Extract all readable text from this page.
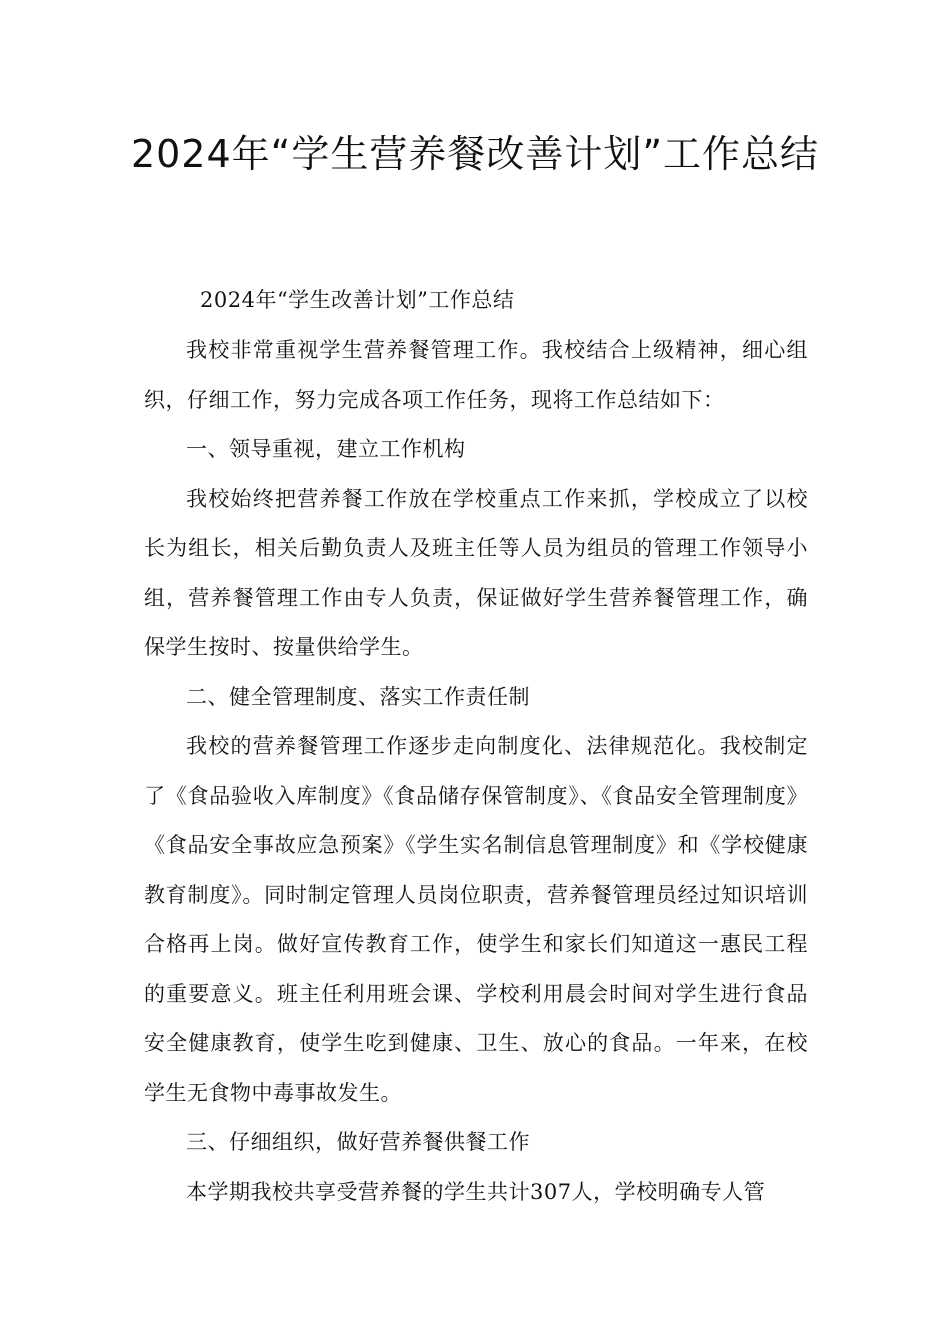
2024年“学生营养餐改善计划”工作总结

2024年“学生改善计划”工作总结

我校非常重视学生营养餐管理工作。我校结合上级精神，细心组织，仔细工作，努力完成各项工作任务，现将工作总结如下：

一、领导重视，建立工作机构

我校始终把营养餐工作放在学校重点工作来抓，学校成立了以校长为组长，相关后勤负责人及班主任等人员为组员的管理工作领导小组，营养餐管理工作由专人负责，保证做好学生营养餐管理工作，确保学生按时、按量供给学生。

二、健全管理制度、落实工作责任制

我校的营养餐管理工作逐步走向制度化、法律规范化。我校制定了《食品验收入库制度》《食品储存保管制度》、《食品安全管理制度》《食品安全事故应急预案》《学生实名制信息管理制度》和《学校健康教育制度》。同时制定管理人员岗位职责，营养餐管理员经过知识培训合格再上岗。做好宣传教育工作，使学生和家长们知道这一惠民工程的重要意义。班主任利用班会课、学校利用晨会时间对学生进行食品安全健康教育，使学生吃到健康、卫生、放心的食品。一年来，在校学生无食物中毒事故发生。

三、仔细组织，做好营养餐供餐工作

本学期我校共享受营养餐的学生共计307人，学校明确专人管
